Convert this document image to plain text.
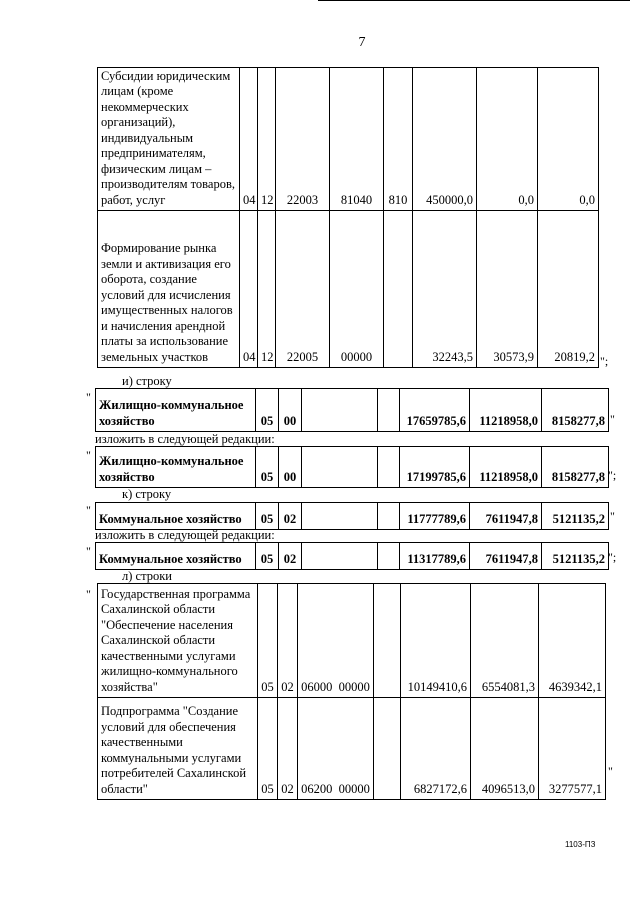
7
Субсидии юридическим лицам (кроме некоммерческих организаций), индивидуальным предпринимателям, физическим лицам – производителям товаров, работ, услуг	04	12	22003	81040	810	450000,0	0,0	0,0
Формирование рынка земли и активизация его оборота, создание условий для исчисления имущественных налогов и начисления арендной платы за использование земельных участков	04	12	22005	00000		32243,5	30573,9	20819,2 ";
и) строку
"
Жилищно-коммунальное хозяйство	05	00			17659785,6	11218958,0	8158277,8 "
изложить в следующей редакции:
" Жилищно-коммунальное хозяйство	05	00			17199785,6	11218958,0	8158277,8 ";
к) строку
"
Коммунальное хозяйство	05	02			11777789,6	7611947,8	5121135,2 "
изложить в следующей редакции:
"
Коммунальное хозяйство	05	02			11317789,6	7611947,8	5121135,2 ";
л) строки
" Государственная программа Сахалинской области "Обеспечение населения Сахалинской области качественными услугами жилищно-коммунального хозяйства"	05	02	06000  00000		10149410,6	6554081,3	4639342,1
Подпрограмма "Создание условий для обеспечения качественными коммунальными услугами потребителей Сахалинской области"	05	02	06200  00000		6827172,6	4096513,0	3277577,1
"
1103-ПЗ
